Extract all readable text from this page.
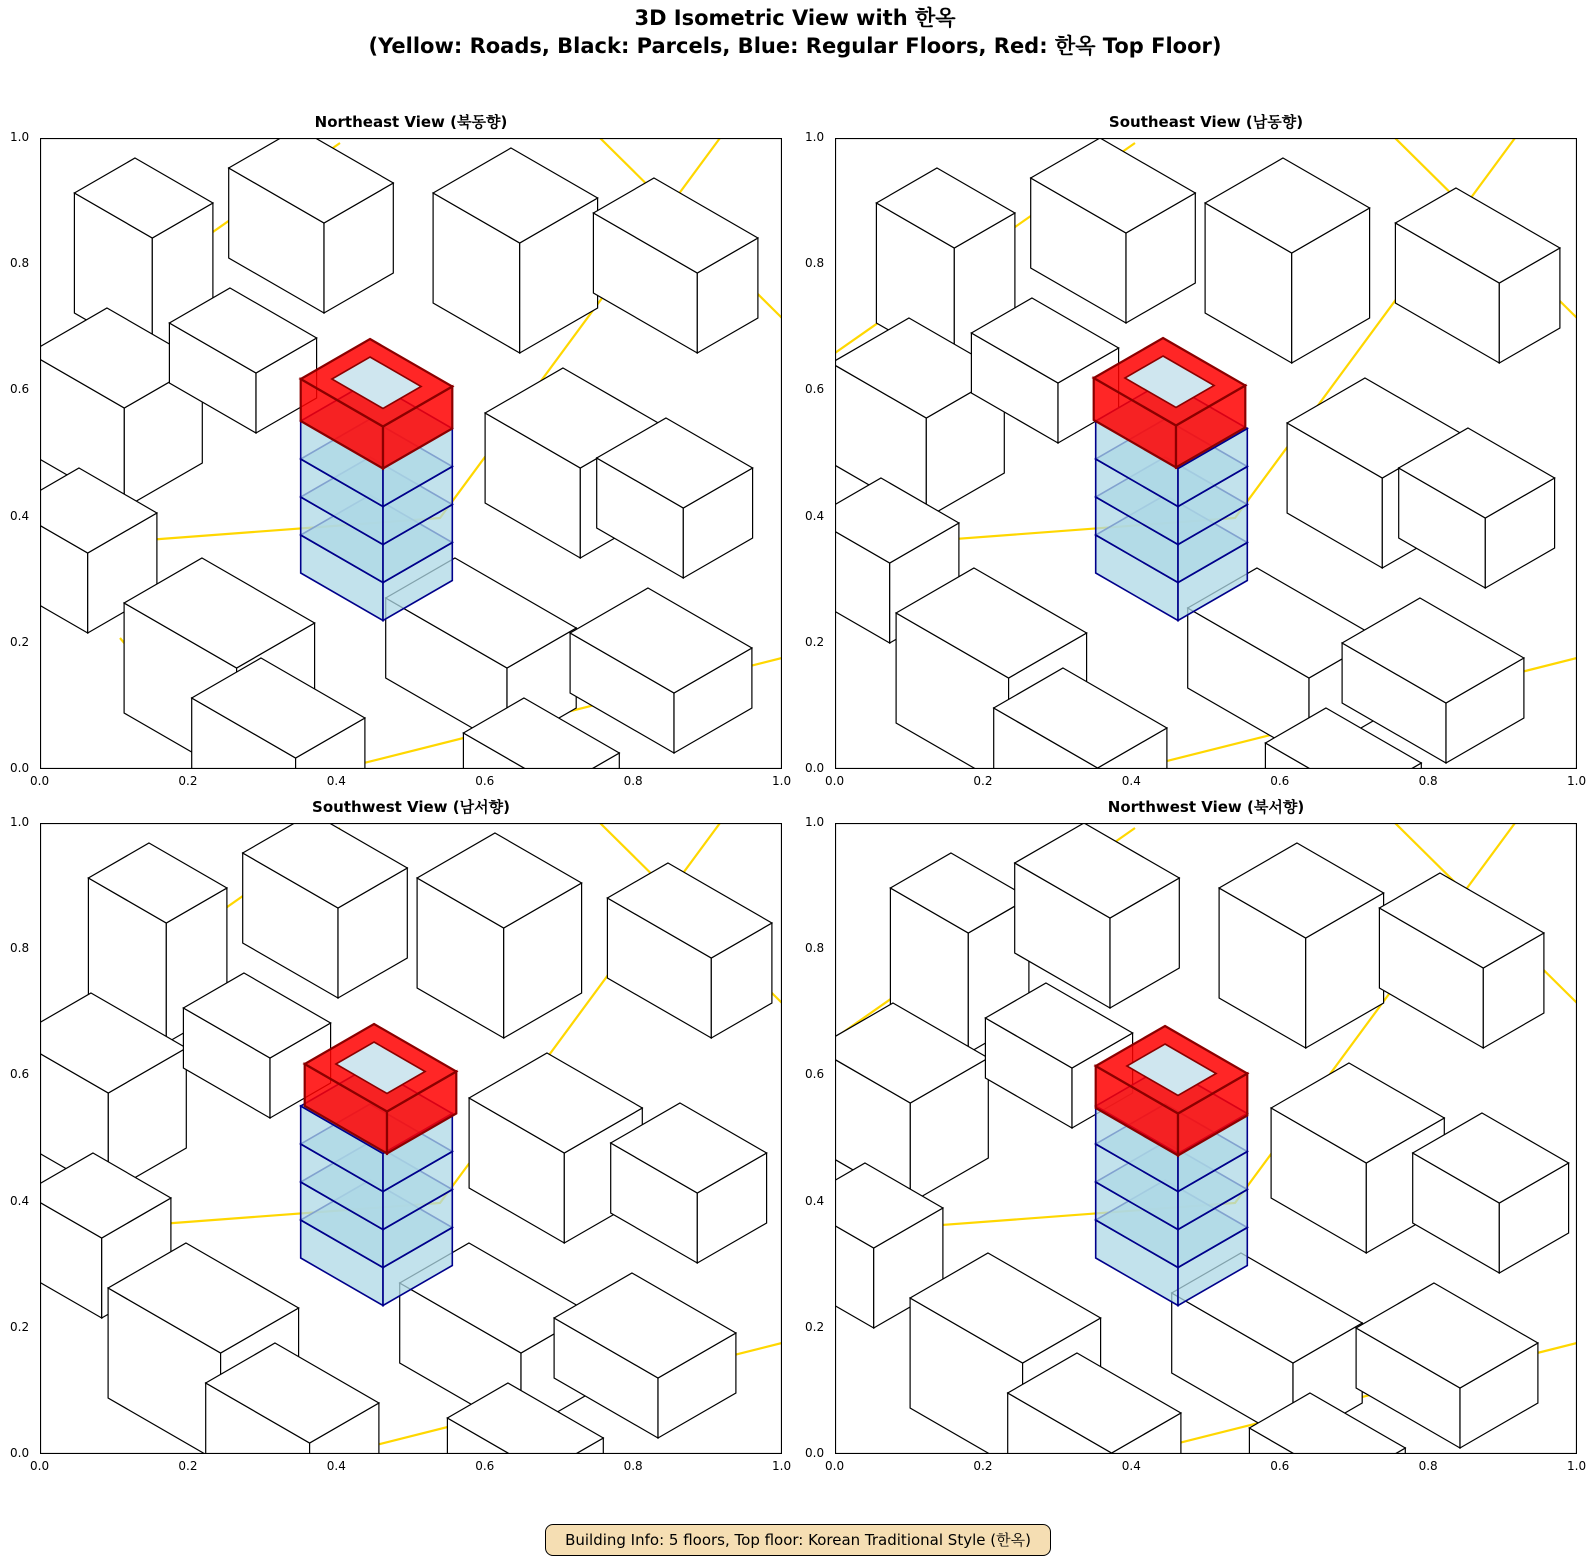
3D Isometric View with 한옥
(Yellow: Roads, Black: Parcels, Blue: Regular Floors, Red: 한옥 Top Floor)
Northeast View (북동향)
0.0	0.2	0.4	0.6	0.8	1.0
0.0
0.2
0.4
0.6
0.8
1.0
Southeast View (남동향)
0.0	0.2	0.4	0.6	0.8	1.0
0.0
0.2
0.4
0.6
0.8
1.0
Southwest View (남서향)
0.0	0.2	0.4	0.6	0.8	1.0
0.0
0.2
0.4
0.6
0.8
1.0
Northwest View (북서향)
0.0	0.2	0.4	0.6	0.8	1.0
0.0
0.2
0.4
0.6
0.8
1.0
Building Info: 5 floors, Top floor: Korean Traditional Style (한옥)
